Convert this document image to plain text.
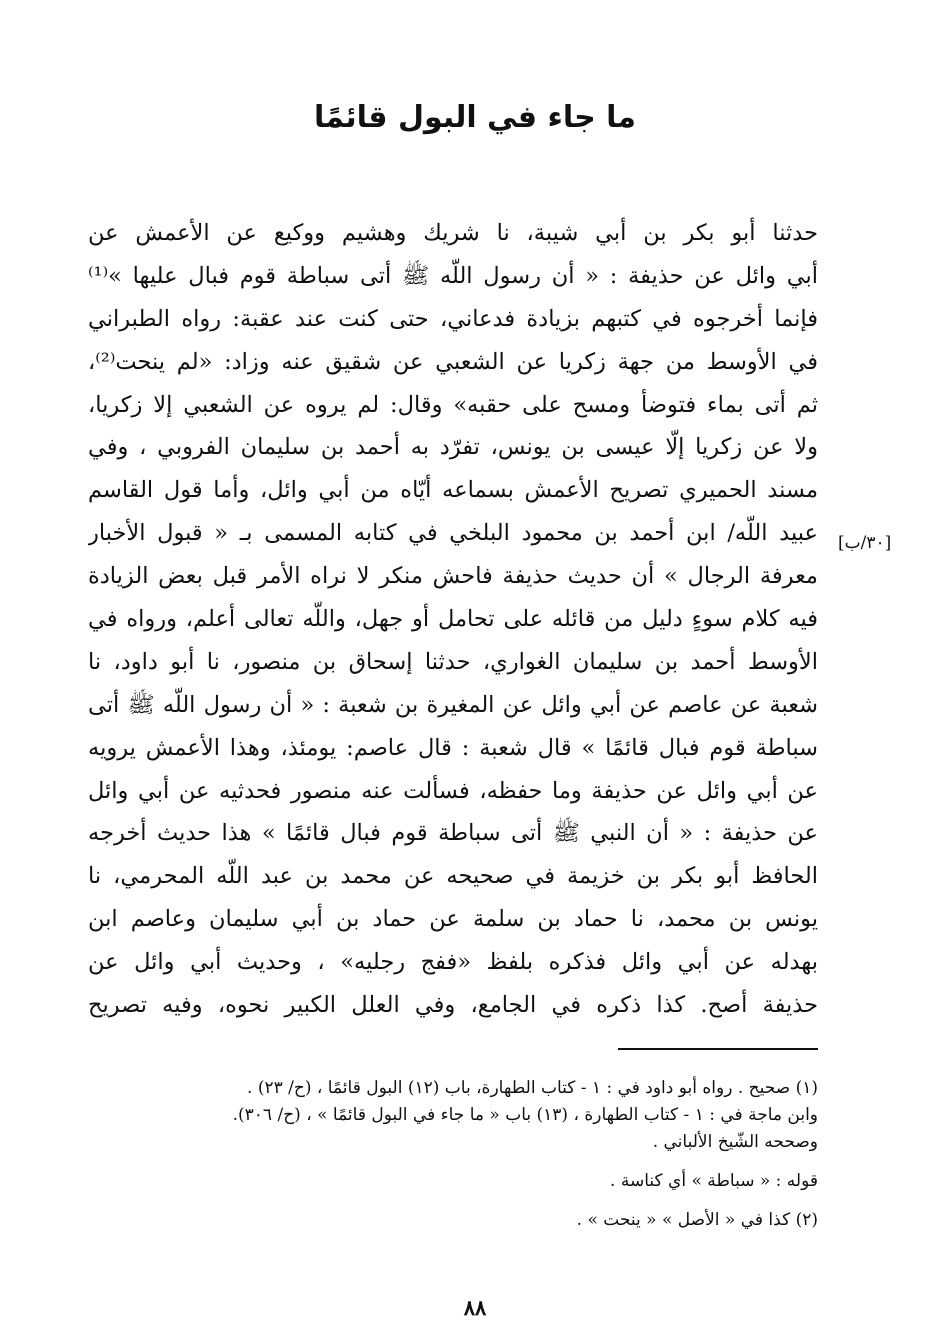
ما جاء في البول قائمًا
[٣٠/ب]
حدثنا أبو بكر بن أبي شيبة، نا شريك وهشيم ووكيع عن الأعمش عن
أبي وائل عن حذيفة : « أن رسول اللّه ﷺ أتى سباطة قوم فبال عليها »⁽¹⁾
فإنما أخرجوه في كتبهم بزيادة فدعاني، حتى كنت عند عقبة: رواه الطبراني
في الأوسط من جهة زكريا عن الشعبي عن شقيق عنه وزاد: «لم ينحت⁽²⁾،
ثم أتى بماء فتوضأ ومسح على حقبه» وقال: لم يروه عن الشعبي إلا زكريا،
ولا عن زكريا إلّا عيسى بن يونس، تفرّد به أحمد بن سليمان الفروبي ، وفي
مسند الحميري تصريح الأعمش بسماعه أيّاه من أبي وائل، وأما قول القاسم
عبيد اللّه/ ابن أحمد بن محمود البلخي في كتابه المسمى بـ « قبول الأخبار
معرفة الرجال » أن حديث حذيفة فاحش منكر لا نراه الأمر قبل بعض الزيادة
فيه كلام سوءٍ دليل من قائله على تحامل أو جهل، واللّه تعالى أعلم، ورواه في
الأوسط أحمد بن سليمان الغواري، حدثنا إسحاق بن منصور، نا أبو داود، نا
شعبة عن عاصم عن أبي وائل عن المغيرة بن شعبة : « أن رسول اللّه ﷺ أتى
سباطة قوم فبال قائمًا » قال شعبة : قال عاصم: يومئذ، وهذا الأعمش يرويه
عن أبي وائل عن حذيفة وما حفظه، فسألت عنه منصور فحدثيه عن أبي وائل
عن حذيفة : « أن النبي ﷺ أتى سباطة قوم فبال قائمًا » هذا حديث أخرجه
الحافظ أبو بكر بن خزيمة في صحيحه عن محمد بن عبد اللّه المحرمي، نا
يونس بن محمد، نا حماد بن سلمة عن حماد بن أبي سليمان وعاصم ابن
بهدله عن أبي وائل فذكره بلفظ «ففج رجليه» ، وحديث أبي وائل عن
حذيفة أصح. كذا ذكره في الجامع، وفي العلل الكبير نحوه، وفيه تصريح
(١) صحيح . رواه أبو داود في : ١ - كتاب الطهارة، باب (١٢) البول قائمًا ، (ح/ ٢٣) .
وابن ماجة في : ١ - كتاب الطهارة ، (١٣) باب « ما جاء في البول قائمًا » ، (ح/ ٣٠٦).
وصححه الشّيخ الألباني .
قوله : « سباطة » أي كناسة .
(٢) كذا في « الأصل » « ينحت » .
٨٨
